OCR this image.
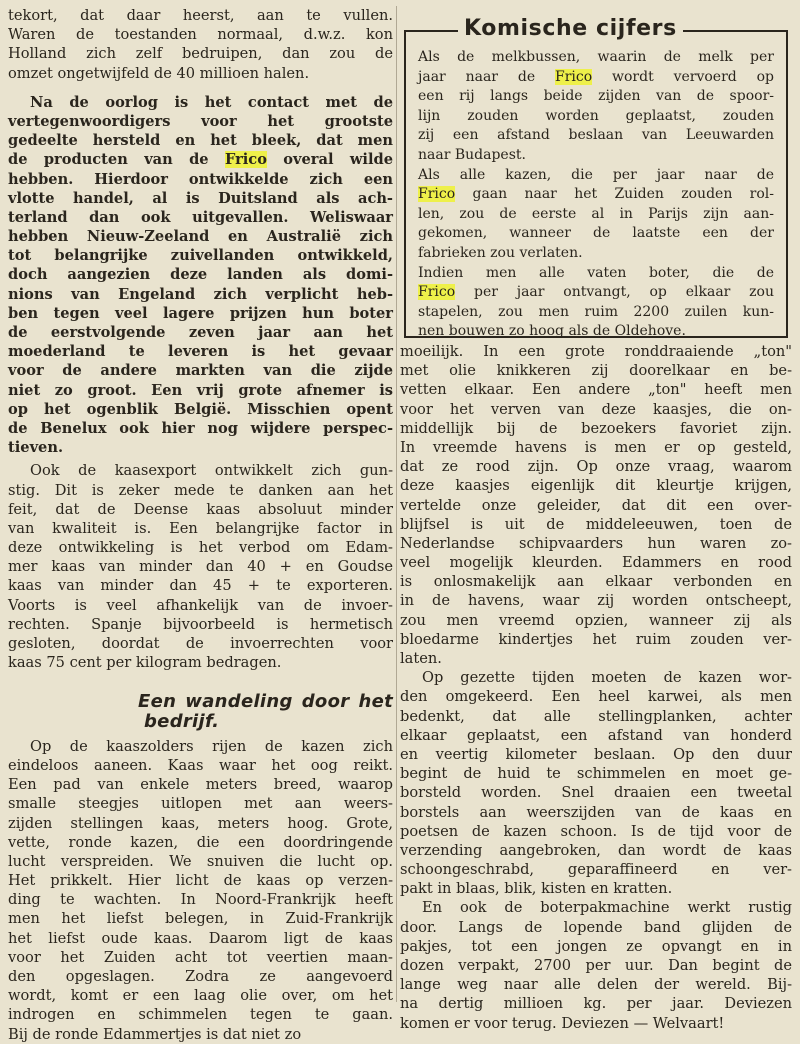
tekort, dat daar heerst, aan te vullen.
Waren de toestanden normaal, d.w.z. kon
Holland zich zelf bedruipen, dan zou de
omzet ongetwijfeld de 40 millioen halen.
Na de oorlog is het contact met de
vertegenwoordigers voor het grootste
gedeelte hersteld en het bleek, dat men
de producten van de Frico overal wilde
hebben. Hierdoor ontwikkelde zich een
vlotte handel, al is Duitsland als ach-
terland dan ook uitgevallen. Weliswaar
hebben Nieuw-Zeeland en Australië zich
tot belangrijke zuivellanden ontwikkeld,
doch aangezien deze landen als domi-
nions van Engeland zich verplicht heb-
ben tegen veel lagere prijzen hun boter
de eerstvolgende zeven jaar aan het
moederland te leveren is het gevaar
voor de andere markten van die zijde
niet zo groot. Een vrij grote afnemer is
op het ogenblik België. Misschien opent
de Benelux ook hier nog wijdere perspec-
tieven.
Ook de kaasexport ontwikkelt zich gun-
stig. Dit is zeker mede te danken aan het
feit, dat de Deense kaas absoluut minder
van kwaliteit is. Een belangrijke factor in
deze ontwikkeling is het verbod om Edam-
mer kaas van minder dan 40 + en Goudse
kaas van minder dan 45 + te exporteren.
Voorts is veel afhankelijk van de invoer-
rechten. Spanje bijvoorbeeld is hermetisch
gesloten, doordat de invoerrechten voor
kaas 75 cent per kilogram bedragen.
Een wandeling door het
bedrijf.
Op de kaaszolders rijen de kazen zich
eindeloos aaneen. Kaas waar het oog reikt.
Een pad van enkele meters breed, waarop
smalle steegjes uitlopen met aan weers-
zijden stellingen kaas, meters hoog. Grote,
vette, ronde kazen, die een doordringende
lucht verspreiden. We snuiven die lucht op.
Het prikkelt. Hier licht de kaas op verzen-
ding te wachten. In Noord-Frankrijk heeft
men het liefst belegen, in Zuid-Frankrijk
het liefst oude kaas. Daarom ligt de kaas
voor het Zuiden acht tot veertien maan-
den opgeslagen. Zodra ze aangevoerd
wordt, komt er een laag olie over, om het
indrogen en schimmelen tegen te gaan.
Bij de ronde Edammertjes is dat niet zo
Komische cijfers
Als de melkbussen, waarin de melk per
jaar naar de Frico wordt vervoerd op
een rij langs beide zijden van de spoor-
lijn zouden worden geplaatst, zouden
zij een afstand beslaan van Leeuwarden
naar Budapest.
Als alle kazen, die per jaar naar de
Frico gaan naar het Zuiden zouden rol-
len, zou de eerste al in Parijs zijn aan-
gekomen, wanneer de laatste een der
fabrieken zou verlaten.
Indien men alle vaten boter, die de
Frico per jaar ontvangt, op elkaar zou
stapelen, zou men ruim 2200 zuilen kun-
nen bouwen zo hoog als de Oldehove.
moeilijk. In een grote ronddraaiende „ton"
met olie knikkeren zij doorelkaar en be-
vetten elkaar. Een andere „ton" heeft men
voor het verven van deze kaasjes, die on-
middellijk bij de bezoekers favoriet zijn.
In vreemde havens is men er op gesteld,
dat ze rood zijn. Op onze vraag, waarom
deze kaasjes eigenlijk dit kleurtje krijgen,
vertelde onze geleider, dat dit een over-
blijfsel is uit de middeleeuwen, toen de
Nederlandse schipvaarders hun waren zo-
veel mogelijk kleurden. Edammers en rood
is onlosmakelijk aan elkaar verbonden en
in de havens, waar zij worden ontscheept,
zou men vreemd opzien, wanneer zij als
bloedarme kindertjes het ruim zouden ver-
laten.
Op gezette tijden moeten de kazen wor-
den omgekeerd. Een heel karwei, als men
bedenkt, dat alle stellingplanken, achter
elkaar geplaatst, een afstand van honderd
en veertig kilometer beslaan. Op den duur
begint de huid te schimmelen en moet ge-
borsteld worden. Snel draaien een tweetal
borstels aan weerszijden van de kaas en
poetsen de kazen schoon. Is de tijd voor de
verzending aangebroken, dan wordt de kaas
schoongeschrabd, geparaffineerd en ver-
pakt in blaas, blik, kisten en kratten.
En ook de boterpakmachine werkt rustig
door. Langs de lopende band glijden de
pakjes, tot een jongen ze opvangt en in
dozen verpakt, 2700 per uur. Dan begint de
lange weg naar alle delen der wereld. Bij-
na dertig millioen kg. per jaar. Deviezen
komen er voor terug. Deviezen — Welvaart!
